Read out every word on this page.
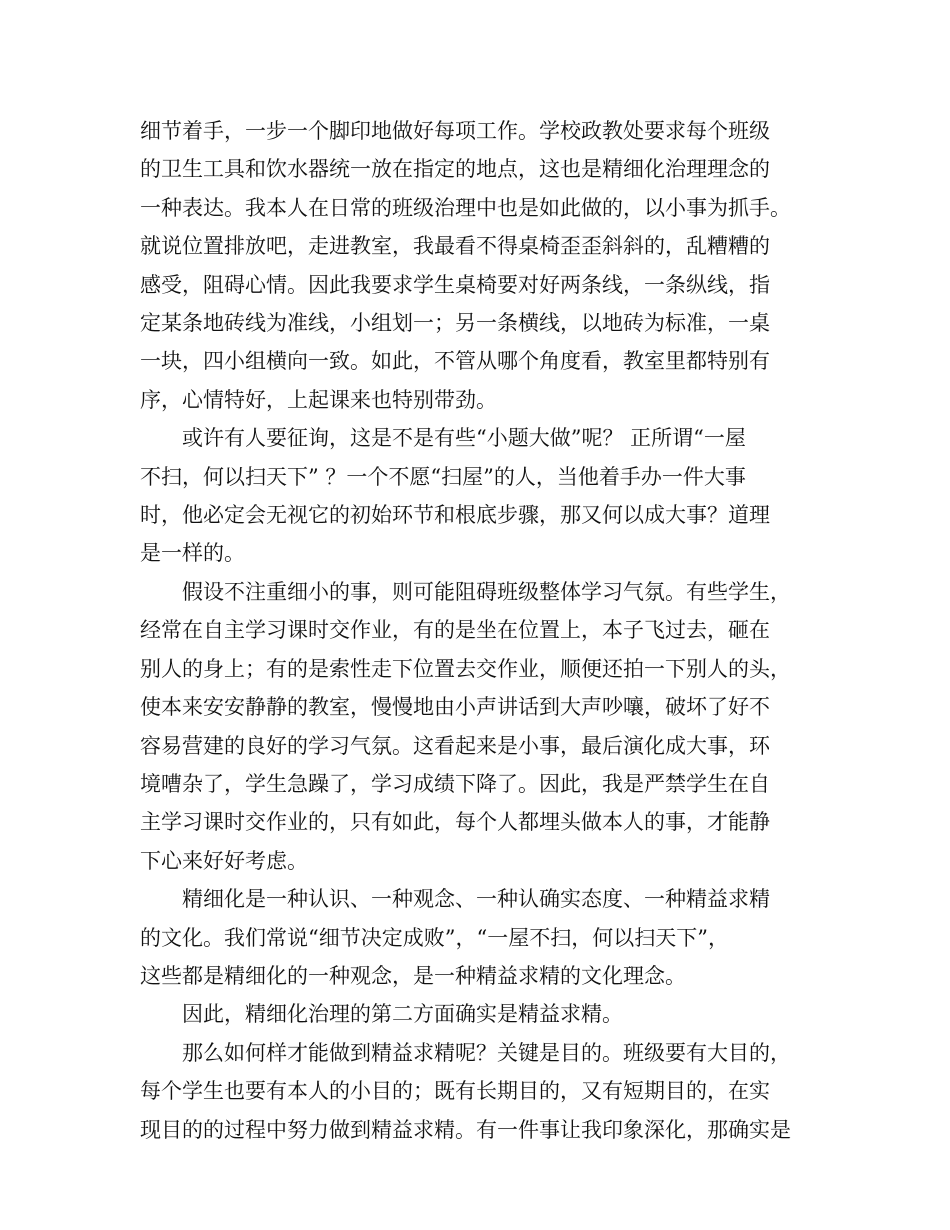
细节着手，一步一个脚印地做好每项工作。学校政教处要求每个班级
的卫生工具和饮水器统一放在指定的地点，这也是精细化治理理念的
一种表达。我本人在日常的班级治理中也是如此做的，以小事为抓手。
就说位置排放吧，走进教室，我最看不得桌椅歪歪斜斜的，乱糟糟的
感受，阻碍心情。因此我要求学生桌椅要对好两条线，一条纵线，指
定某条地砖线为准线，小组划一；另一条横线，以地砖为标准，一桌
一块，四小组横向一致。如此，不管从哪个角度看，教室里都特别有
序，心情特好，上起课来也特别带劲。

或许有人要征询，这是不是有些“小题大做”呢？ 正所谓“一屋
不扫，何以扫天下” ？一个不愿“扫屋”的人，当他着手办一件大事
时，他必定会无视它的初始环节和根底步骤，那又何以成大事？道理
是一样的。

假设不注重细小的事，则可能阻碍班级整体学习气氛。有些学生，
经常在自主学习课时交作业，有的是坐在位置上，本子飞过去，砸在
别人的身上；有的是索性走下位置去交作业，顺便还拍一下别人的头，
使本来安安静静的教室，慢慢地由小声讲话到大声吵嚷，破坏了好不
容易营建的良好的学习气氛。这看起来是小事，最后演化成大事，环
境嘈杂了，学生急躁了，学习成绩下降了。因此，我是严禁学生在自
主学习课时交作业的，只有如此，每个人都埋头做本人的事，才能静
下心来好好考虑。

精细化是一种认识、一种观念、一种认确实态度、一种精益求精
的文化。我们常说“细节决定成败”，“一屋不扫，何以扫天下”，
这些都是精细化的一种观念，是一种精益求精的文化理念。

因此，精细化治理的第二方面确实是精益求精。

那么如何样才能做到精益求精呢？关键是目的。班级要有大目的，
每个学生也要有本人的小目的；既有长期目的，又有短期目的，在实
现目的的过程中努力做到精益求精。有一件事让我印象深化，那确实是
